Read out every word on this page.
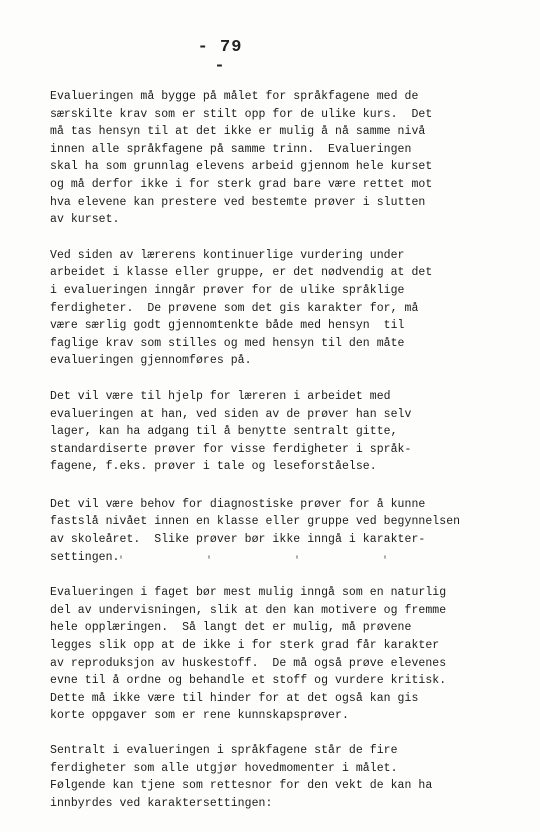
- 79 -
' ' ' '
Evalueringen må bygge på målet for språkfagene med de
særskilte krav som er stilt opp for de ulike kurs.  Det
må tas hensyn til at det ikke er mulig å nå samme nivå
innen alle språkfagene på samme trinn.  Evalueringen
skal ha som grunnlag elevens arbeid gjennom hele kurset
og må derfor ikke i for sterk grad bare være rettet mot
hva elevene kan prestere ved bestemte prøver i slutten
av kurset.
Ved siden av lærerens kontinuerlige vurdering under
arbeidet i klasse eller gruppe, er det nødvendig at det
i evalueringen inngår prøver for de ulike språklige
ferdigheter.  De prøvene som det gis karakter for, må
være særlig godt gjennomtenkte både med hensyn  til
faglige krav som stilles og med hensyn til den måte
evalueringen gjennomføres på.
Det vil være til hjelp for læreren i arbeidet med
evalueringen at han, ved siden av de prøver han selv
lager, kan ha adgang til å benytte sentralt gitte,
standardiserte prøver for visse ferdigheter i språk-
fagene, f.eks. prøver i tale og leseforståelse.
Det vil være behov for diagnostiske prøver for å kunne
fastslå nivået innen en klasse eller gruppe ved begynnelsen
av skoleåret.  Slike prøver bør ikke inngå i karakter-
settingen.
Evalueringen i faget bør mest mulig inngå som en naturlig
del av undervisningen, slik at den kan motivere og fremme
hele opplæringen.  Så langt det er mulig, må prøvene
legges slik opp at de ikke i for sterk grad får karakter
av reproduksjon av huskestoff.  De må også prøve elevenes
evne til å ordne og behandle et stoff og vurdere kritisk.
Dette må ikke være til hinder for at det også kan gis
korte oppgaver som er rene kunnskapsprøver.
Sentralt i evalueringen i språkfagene står de fire
ferdigheter som alle utgjør hovedmomenter i målet.
Følgende kan tjene som rettesnor for den vekt de kan ha
innbyrdes ved karaktersettingen:
